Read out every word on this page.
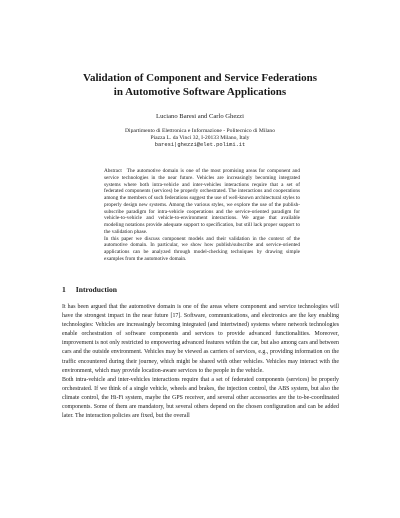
Validation of Component and Service Federations
in Automotive Software Applications
Luciano Baresi and Carlo Ghezzi
Dipartimento di Elettronica e Informazione - Politecnico di Milano
Piazza L. da Vinci 32, I-20133 Milano, Italy
baresi|ghezzi@elet.polimi.it

Abstract The automotive domain is one of the most promising areas for component and service technologies in the near future. Vehicles are increasingly becoming integrated systems where both intra-vehicle and inter-vehicles interactions require that a set of federated components (services) be properly orchestrated. The interactions and cooperations among the members of such federations suggest the use of well-known architectural styles to properly design new systems. Among the various styles, we explore the use of the publish-subscribe paradigm for intra-vehicle cooperations and the service-oriented paradigm for vehicle-to-vehicle and vehicle-to-environment interactions. We argue that available modeling notations provide adequate support to specification, but still lack proper support to the validation phase.

In this paper we discuss component models and their validation in the context of the automotive domain. In particular, we show how publish/subscribe and service-oriented applications can be analyzed through model-checking techniques by drawing simple examples from the automotive domain.

1 Introduction

It has been argued that the automotive domain is one of the areas where component and service technologies will have the strongest impact in the near future [17]. Software, communications, and electronics are the key enabling technologies: Vehicles are increasingly becoming integrated (and intertwined) systems where network technologies enable orchestration of software components and services to provide advanced functionalities. Moreover, improvement is not only restricted to empowering advanced features within the car, but also among cars and between cars and the outside environment. Vehicles may be viewed as carriers of services, e.g., providing information on the traffic encountered during their journey, which might be shared with other vehicles. Vehicles may interact with the environment, which may provide location-aware services to the people in the vehicle.

Both intra-vehicle and inter-vehicles interactions require that a set of federated components (services) be properly orchestrated. If we think of a single vehicle, wheels and brakes, the injection control, the ABS system, but also the climate control, the Hi-Fi system, maybe the GPS receiver, and several other accessories are the to-be-coordinated components. Some of them are mandatory, but several others depend on the chosen configuration and can be added later. The interaction policies are fixed, but the overall
